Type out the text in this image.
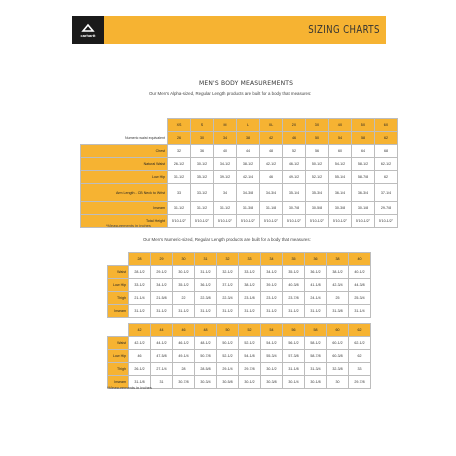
carhartt	SIZING CHARTS
MEN'S BODY MEASUREMENTS
Our Men's Alpha-sized, Regular Length products are built for a body that measures:
	XS	S	M	L	XL	2X	3X	4X	5X	6X
Numeric waist equivalent	26	30	34	38	42	46	50	54	58	62
Chest	32	36	40	44	48	52	56	60	64	68
Natural Waist	26-1/2	30-1/2	34-1/2	38-1/2	42-1/2	46-1/2	50-1/2	54-1/2	58-1/2	62-1/2
Low Hip	31-1/2	35-1/2	39-1/2	42-1/4	46	49-1/2	52-1/2	55-1/4	58-7/8	62
Arm Length - CB Neck to Wrist	33	33-1/2	34	34-3/8	34-3/4	35-1/4	35-3/4	36-1/4	36-3/4	37-1/4
Inseam	31-1/2	31-1/2	31-1/2	31-3/8	31-1/8	30-7/8	30-5/8	30-3/8	30-1/8	29-7/8
Total Height	5'10-1/2"	5'10-1/2"	5'10-1/2"	5'10-1/2"	5'10-1/2"	5'10-1/2"	5'10-1/2"	5'10-1/2"	5'10-1/2"	5'10-1/2"
*Measurements in inches
Our Men's Numeric-sized, Regular Length products are built for a body that measures:
	28	29	30	31	32	33	34	35	36	38	40
Waist	28-1/2	29-1/2	30-1/2	31-1/2	32-1/2	33-1/2	34-1/2	35-1/2	36-1/2	38-1/2	40-1/2
Low Hip	33-1/2	34-1/2	35-1/2	36-1/2	37-1/2	38-1/2	39-1/2	40-3/8	41-1/8	42-3/4	44-3/8
Thigh	21-1/4	21-5/8	22	22-3/8	22-3/4	23-1/8	23-1/2	23-7/8	24-1/4	25	25-3/4
Inseam	31-1/2	31-1/2	31-1/2	31-1/2	31-1/2	31-1/2	31-1/2	31-1/2	31-1/2	31-3/8	31-1/4
	42	44	46	48	50	52	54	56	58	60	62
Waist	42-1/2	44-1/2	46-1/2	48-1/2	50-1/2	52-1/2	54-1/2	56-1/2	58-1/2	60-1/2	62-1/2
Low Hip	46	47-5/8	49-1/4	50-7/8	52-1/2	54-1/8	55-3/4	57-3/8	58-7/8	60-3/8	62
Thigh	26-1/2	27-1/4	28	28-5/8	29-1/4	29-7/8	30-1/2	31-1/8	31-3/4	32-3/8	33
Inseam	31-1/8	31	30-7/8	30-3/4	30-5/8	30-1/2	30-3/8	30-1/4	30-1/8	30	29-7/8
*Measurements in inches
